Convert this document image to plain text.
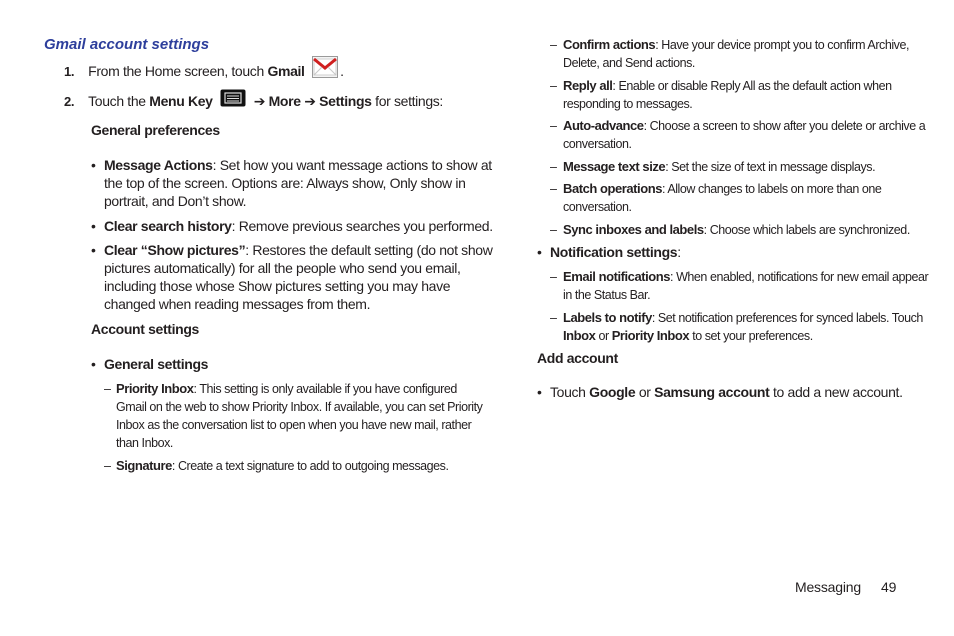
Gmail account settings
1. From the Home screen, touch Gmail	.
2. Touch the Menu Key	➔ More ➔ Settings for settings:
General preferences
• Message Actions: Set how you want message actions to show at
the top of the screen. Options are: Always show, Only show in
portrait, and Don’t show.
• Clear search history: Remove previous searches you performed.
• Clear “Show pictures”: Restores the default setting (do not show
pictures automatically) for all the people who send you email,
including those whose Show pictures setting you may have
changed when reading messages from them.
Account settings
• General settings
– Priority Inbox: This setting is only available if you have configured
Gmail on the web to show Priority Inbox. If available, you can set Priority
Inbox as the conversation list to open when you have new mail, rather
than Inbox.
– Signature: Create a text signature to add to outgoing messages.
– Confirm actions: Have your device prompt you to confirm Archive,
Delete, and Send actions.
– Reply all: Enable or disable Reply All as the default action when
responding to messages.
– Auto-advance: Choose a screen to show after you delete or archive a
conversation.
– Message text size: Set the size of text in message displays.
– Batch operations: Allow changes to labels on more than one
conversation.
– Sync inboxes and labels: Choose which labels are synchronized.
• Notification settings:
– Email notifications: When enabled, notifications for new email appear
in the Status Bar.
– Labels to notify: Set notification preferences for synced labels. Touch
Inbox or Priority Inbox to set your preferences.
Add account
• Touch Google or Samsung account to add a new account.
Messaging 49
